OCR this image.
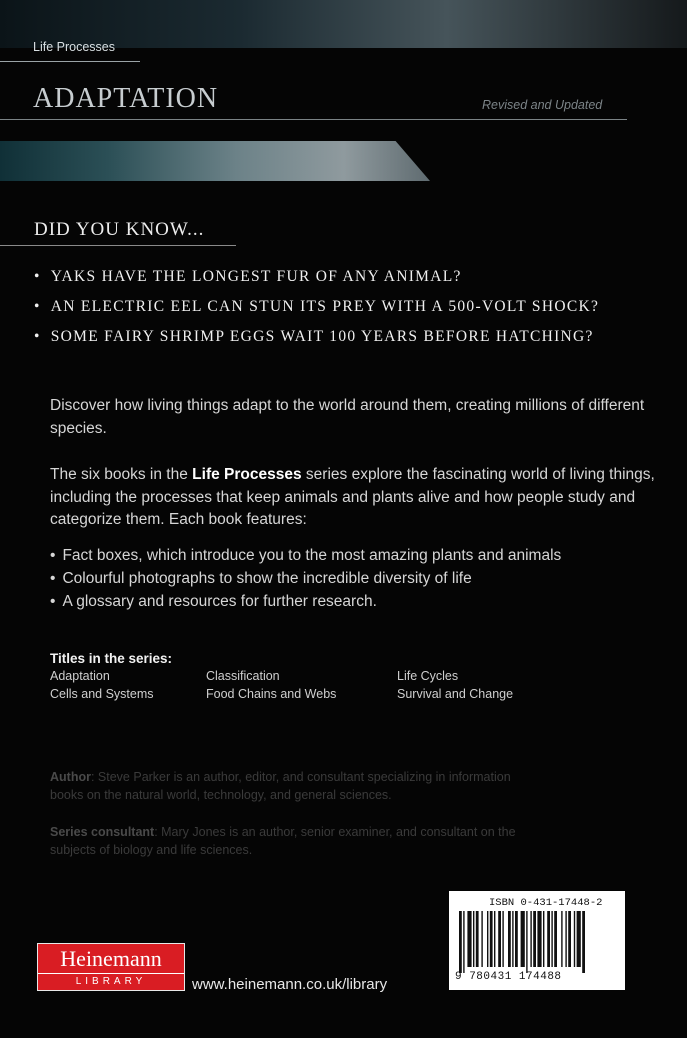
Life Processes
ADAPTATION	Revised and Updated
DID YOU KNOW...
• YAKS HAVE THE LONGEST FUR OF ANY ANIMAL?
• AN ELECTRIC EEL CAN STUN ITS PREY WITH A 500-VOLT SHOCK?
• SOME FAIRY SHRIMP EGGS WAIT 100 YEARS BEFORE HATCHING?
Discover how living things adapt to the world around them, creating millions of different species.
The six books in the Life Processes series explore the fascinating world of living things, including the processes that keep animals and plants alive and how people study and categorize them. Each book features:
• Fact boxes, which introduce you to the most amazing plants and animals
• Colourful photographs to show the incredible diversity of life
• A glossary and resources for further research.
Titles in the series:
Adaptation
Cells and Systems
Classification
Food Chains and Webs
Life Cycles
Survival and Change
Author: Steve Parker is an author, editor, and consultant specializing in information books on the natural world, technology, and general sciences.
Series consultant: Mary Jones is an author, senior examiner, and consultant on the subjects of biology and life sciences.
Heinemann
LIBRARY	www.heinemann.co.uk/library
ISBN 0-431-17448-2
9 780431 174488
